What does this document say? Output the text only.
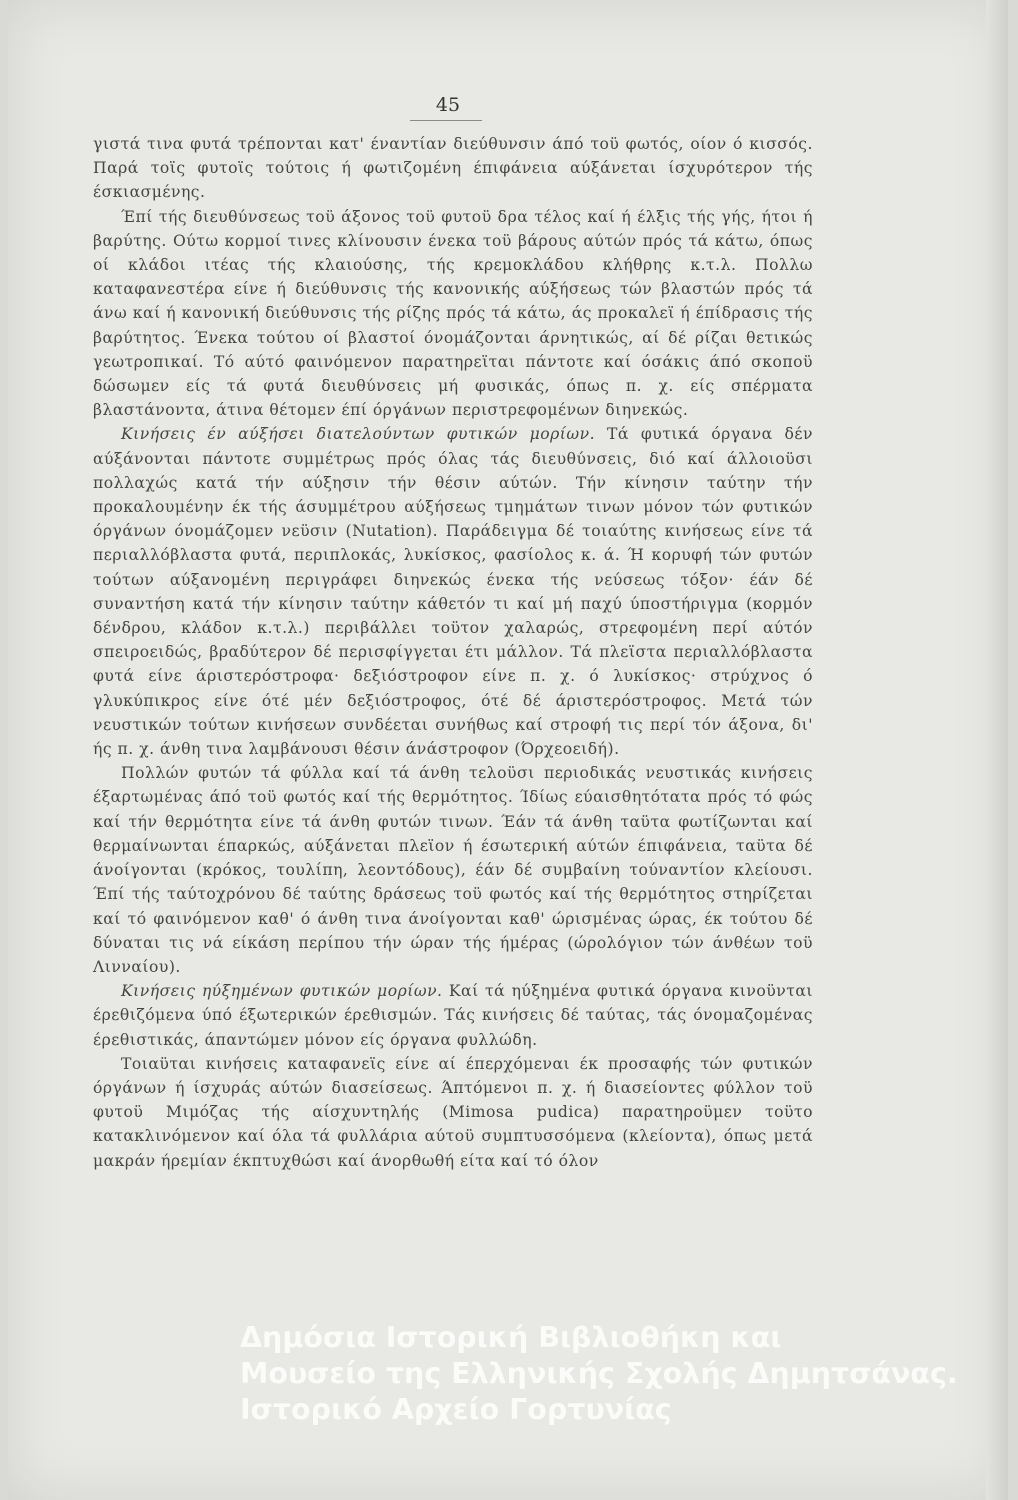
45

γιστά τινα φυτά τρέπονται κατ' έναντίαν διεύθυνσιν άπό τοϋ φωτός, οίον ό κισσός. Παρά τοϊς φυτοϊς τούτοις ή φωτιζομένη έπιφάνεια αύξάνεται ίσχυρότερον τής έσκιασμένης.

Έπί τής διευθύνσεως τοϋ άξονος τοϋ φυτοϋ δρα τέλος καί ή έλξις τής γής, ήτοι ή βαρύτης. Ούτω κορμοί τινες κλίνουσιν ένεκα τοϋ βάρους αύτών πρός τά κάτω, όπως οί κλάδοι ιτέας τής κλαιούσης, τής κρεμοκλάδου κλήθρης κ.τ.λ. Πολλω καταφανεστέρα είνε ή διεύθυνσις τής κανονικής αύξήσεως τών βλαστών πρός τά άνω καί ή κανονική διεύθυνσις τής ρίζης πρός τά κάτω, άς προκαλεϊ ή έπίδρασις τής βαρύτητος. Ένεκα τούτου οί βλαστοί όνομάζονται άρνητικώς, αί δέ ρίζαι θετικώς γεωτροπικαί. Τό αύτό φαινόμενον παρατηρεϊται πάντοτε καί όσάκις άπό σκοποϋ δώσωμεν είς τά φυτά διευθύνσεις μή φυσικάς, όπως π. χ. είς σπέρματα βλαστάνοντα, άτινα θέτομεν έπί όργάνων περιστρεφομένων διηνεκώς.

Κινήσεις έν αύξήσει διατελούντων φυτικών μορίων. Τά φυτικά όργανα δέν αύξάνονται πάντοτε συμμέτρως πρός όλας τάς διευθύνσεις, διό καί άλλοιοϋσι πολλαχώς κατά τήν αύξησιν τήν θέσιν αύτών. Τήν κίνησιν ταύτην τήν προκαλουμένην έκ τής άσυμμέτρου αύξήσεως τμημάτων τινων μόνον τών φυτικών όργάνων όνομάζομεν νεϋσιν (Nutation). Παράδειγμα δέ τοιαύτης κινήσεως είνε τά περιαλλόβλαστα φυτά, περιπλοκάς, λυκίσκος, φασίολος κ. ά. Ή κορυφή τών φυτών τούτων αύξανομένη περιγράφει διηνεκώς ένεκα τής νεύσεως τόξον· έάν δέ συναντήση κατά τήν κίνησιν ταύτην κάθετόν τι καί μή παχύ ύποστήριγμα (κορμόν δένδρου, κλάδον κ.τ.λ.) περιβάλλει τοϋτον χαλαρώς, στρεφομένη περί αύτόν σπειροειδώς, βραδύτερον δέ περισφίγγεται έτι μάλλον. Τά πλεϊστα περιαλλόβλαστα φυτά είνε άριστερόστροφα· δεξιόστροφον είνε π. χ. ό λυκίσκος· στρύχνος ό γλυκύπικρος είνε ότέ μέν δεξιόστροφος, ότέ δέ άριστερόστροφος. Μετά τών νευστικών τούτων κινήσεων συνδέεται συνήθως καί στροφή τις περί τόν άξονα, δι' ής π. χ. άνθη τινα λαμβάνουσι θέσιν άνάστροφον (Όρχεοειδή).

Πολλών φυτών τά φύλλα καί τά άνθη τελοϋσι περιοδικάς νευστικάς κινήσεις έξαρτωμένας άπό τοϋ φωτός καί τής θερμότητος. Ίδίως εύαισθητότατα πρός τό φώς καί τήν θερμότητα είνε τά άνθη φυτών τινων. Έάν τά άνθη ταϋτα φωτίζωνται καί θερμαίνωνται έπαρκώς, αύξάνεται πλεϊον ή έσωτερική αύτών έπιφάνεια, ταϋτα δέ άνοίγονται (κρόκος, τουλίπη, λεοντόδους), έάν δέ συμβαίνη τούναντίον κλείουσι. Έπί τής ταύτοχρόνου δέ ταύτης δράσεως τοϋ φωτός καί τής θερμότητος στηρίζεται καί τό φαινόμενον καθ' ό άνθη τινα άνοίγονται καθ' ώρισμένας ώρας, έκ τούτου δέ δύναται τις νά είκάση περίπου τήν ώραν τής ήμέρας (ώρολόγιον τών άνθέων τοϋ Λινναίου).

Κινήσεις ηύξημένων φυτικών μορίων. Καί τά ηύξημένα φυτικά όργανα κινοϋνται έρεθιζόμενα ύπό έξωτερικών έρεθισμών. Τάς κινήσεις δέ ταύτας, τάς όνομαζομένας έρεθιστικάς, άπαντώμεν μόνον είς όργανα φυλλώδη.

Τοιαϋται κινήσεις καταφανεϊς είνε αί έπερχόμεναι έκ προσαφής τών φυτικών όργάνων ή ίσχυράς αύτών διασείσεως. Άπτόμενοι π. χ. ή διασείοντες φύλλον τοϋ φυτοϋ Μιμόζας τής αίσχυντηλής (Mimosa pudica) παρατηροϋμεν τοϋτο κατακλινόμενον καί όλα τά φυλλάρια αύτοϋ συμπτυσσόμενα (κλείοντα), όπως μετά μακράν ήρεμίαν έκπτυχθώσι καί άνορθωθή είτα καί τό όλον

Δημόσια Ιστορική Βιβλιοθήκη και
Μουσείο της Ελληνικής Σχολής Δημητσάνας.
Ιστορικό Αρχείο Γορτυνίας
